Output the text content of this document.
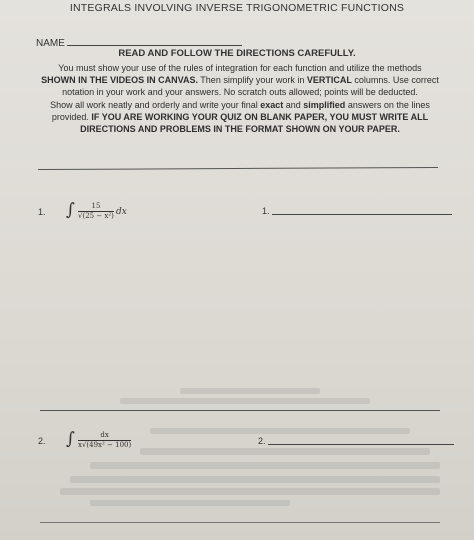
INTEGRALS INVOLVING INVERSE TRIGONOMETRIC FUNCTIONS
NAME
READ AND FOLLOW THE DIRECTIONS CAREFULLY.
You must show your use of the rules of integration for each function and utilize the methods
SHOWN IN THE VIDEOS IN CANVAS. Then simplify your work in VERTICAL columns. Use correct
notation in your work and your answers. No scratch outs allowed; points will be deducted.
Show all work neatly and orderly and write your final exact and simplified answers on the lines
provided. IF YOU ARE WORKING YOUR QUIZ ON BLANK PAPER, YOU MUST WRITE ALL
DIRECTIONS AND PROBLEMS IN THE FORMAT SHOWN ON YOUR PAPER.
1. ∫ $\frac{15}{\text{√(25 − x²)}}$ dx	1.
2. ∫ $\frac{dx}{\text{x√(49x² − 100)}}$	2.
